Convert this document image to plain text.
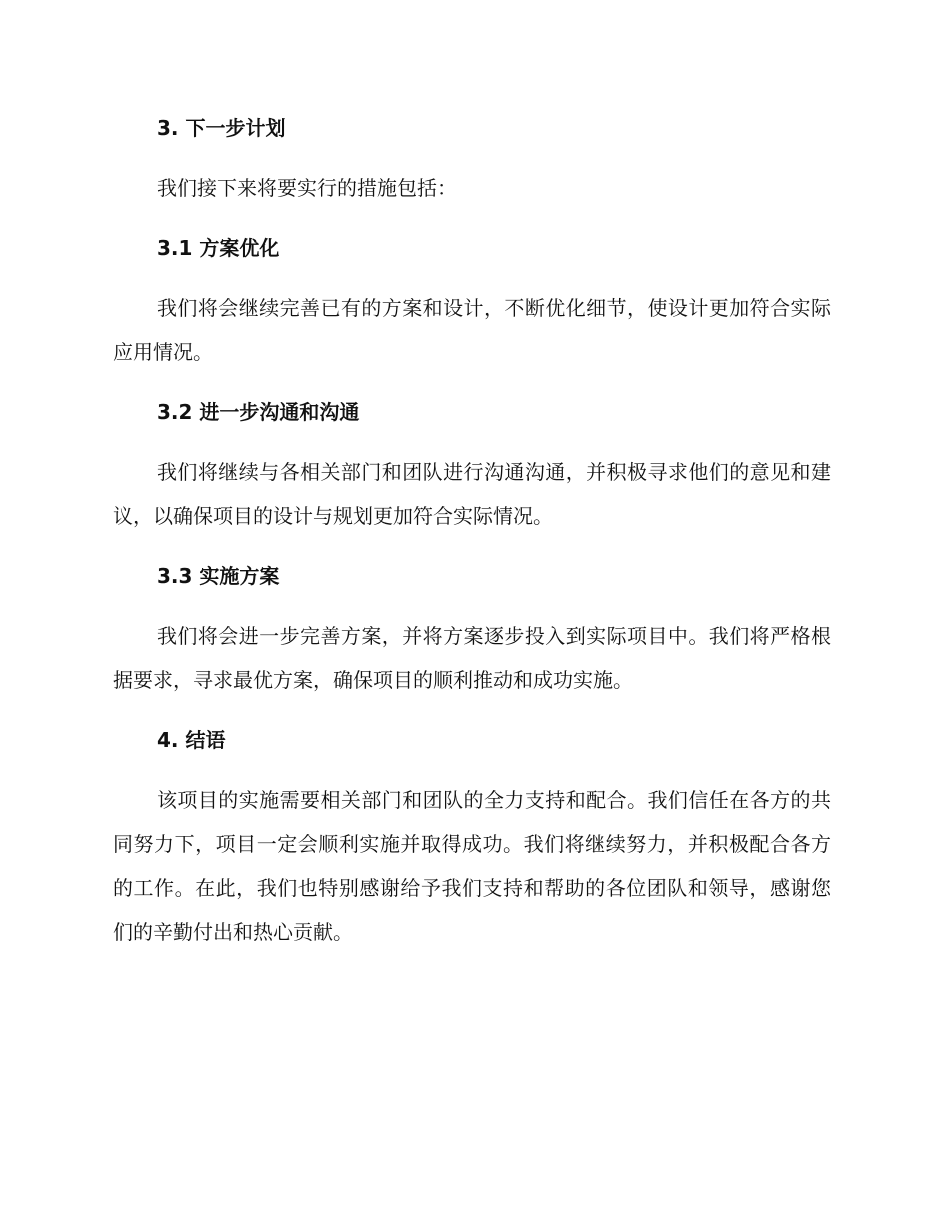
3. 下一步计划

我们接下来将要实行的措施包括：

3.1 方案优化

我们将会继续完善已有的方案和设计，不断优化细节，使设计更加符合实际应用情况。

3.2 进一步沟通和沟通

我们将继续与各相关部门和团队进行沟通沟通，并积极寻求他们的意见和建议，以确保项目的设计与规划更加符合实际情况。

3.3 实施方案

我们将会进一步完善方案，并将方案逐步投入到实际项目中。我们将严格根据要求，寻求最优方案，确保项目的顺利推动和成功实施。

4. 结语

该项目的实施需要相关部门和团队的全力支持和配合。我们信任在各方的共同努力下，项目一定会顺利实施并取得成功。我们将继续努力，并积极配合各方的工作。在此，我们也特别感谢给予我们支持和帮助的各位团队和领导，感谢您们的辛勤付出和热心贡献。
